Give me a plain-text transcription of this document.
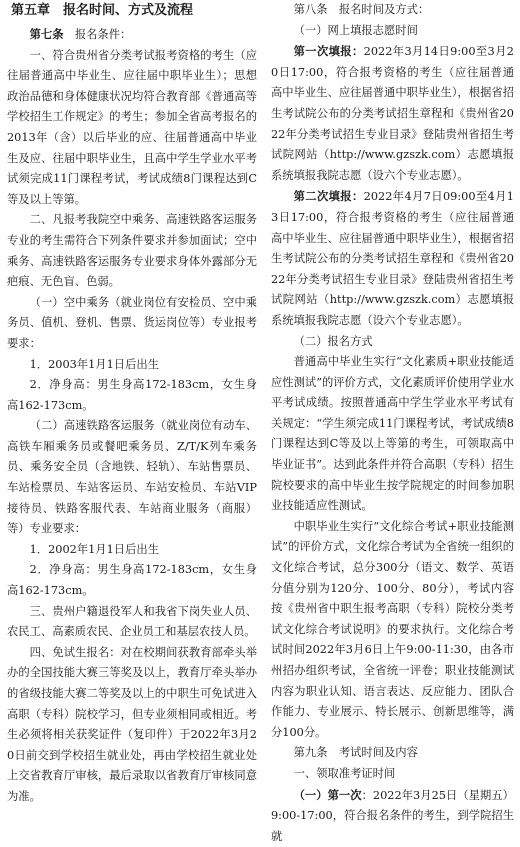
第五章　报名时间、方式及流程

第七条　 报名条件：

一、符合贵州省分类考试报考资格的考生（应往届普通高中毕业生、应往届中职毕业生）；思想政治品德和身体健康状况均符合教育部《普通高等学校招生工作规定》的考生；参加全省高考报名的2013年（含）以后毕业的应、往届普通高中毕业生及应、往届中职毕业生，且高中学生学业水平考试须完成11门课程考试，考试成绩8门课程达到C等及以上等第。

二、凡报考我院空中乘务、高速铁路客运服务专业的考生需符合下列条件要求并参加面试；空中乘务、高速铁路客运服务专业要求身体外露部分无疤痕、无色盲、色弱。

（一）空中乘务（就业岗位有安检员、空中乘务员、值机、登机、售票、货运岗位等）专业报考要求：

1．2003年1月1日后出生

2．净身高：男生身高172-183cm，女生身高162-173cm。

（二）高速铁路客运服务（就业岗位有动车、高铁车厢乘务员或餐吧乘务员、Z/T/K列车乘务员、乘务安全员（含地铁、轻轨）、车站售票员、车站检票员、车站客运员、车站安检员、车站VIP接待员、铁路客服代表、车站商业服务（商服）等）专业要求：

1．2002年1月1日后出生

2．净身高：男生身高172-183cm，女生身高162-173cm。

三、贵州户籍退役军人和我省下岗失业人员、农民工、高素质农民、企业员工和基层农技人员。

四、免试生报名：对在校期间获教育部牵头举办的全国技能大赛三等奖及以上，教育厅牵头举办的省级技能大赛二等奖及以上的中职生可免试进入高职（专科）院校学习，但专业须相同或相近。考生必须将相关获奖证件（复印件）于2022年3月20日前交到学校招生就业处，再由学校招生就业处上交省教育厅审核，最后录取以省教育厅审核同意为准。

第八条　 报名时间及方式：

（一）网上填报志愿时间

第一次填报：2022年3月14日9:00至3月20日17:00，符合报考资格的考生（应往届普通高中毕业生、应往届普通中职毕业生），根据省招生考试院公布的分类考试招生章程和《贵州省2022年分类考试招生专业目录》登陆贵州省招生考试院网站（http://www.gzszk.com）志愿填报系统填报我院志愿（设六个专业志愿）。

第二次填报：2022年4月7日09:00至4月13日17:00，符合报考资格的考生（应往届普通高中毕业生、应往届普通中职毕业生），根据省招生考试院公布的分类考试招生章程和《贵州省2022年分类考试招生专业目录》登陆贵州省招生考试院网站（http://www.gzszk.com）志愿填报系统填报我院志愿（设六个专业志愿）。

（二）报名方式

普通高中毕业生实行“文化素质+职业技能适应性测试”的评价方式，文化素质评价使用学业水平考试成绩。按照普通高中学生学业水平考试有关规定：“学生须完成11门课程考试，考试成绩8门课程达到C等及以上等第的考生，可领取高中毕业证书”。达到此条件并符合高职（专科）招生院校要求的高中毕业生按学院规定的时间参加职业技能适应性测试。

中职毕业生实行“文化综合考试+职业技能测试”的评价方式，文化综合考试为全省统一组织的文化综合考试，总分300分（语文、数学、英语分值分别为120分、100分、80分），考试内容按《贵州省中职生报考高职（专科）院校分类考试文化综合考试说明》的要求执行。文化综合考试时间2022年3月6日上午9:00-11:30，由各市州招办组织考试，全省统一评卷；职业技能测试内容为职业认知、语言表达、反应能力、团队合作能力、专业展示、特长展示、创新思维等，满分100分。

第九条　 考试时间及内容

一、领取准考证时间

（一）第一次：2022年3月25日（星期五）9:00-17:00，符合报名条件的考生，到学院招生就
